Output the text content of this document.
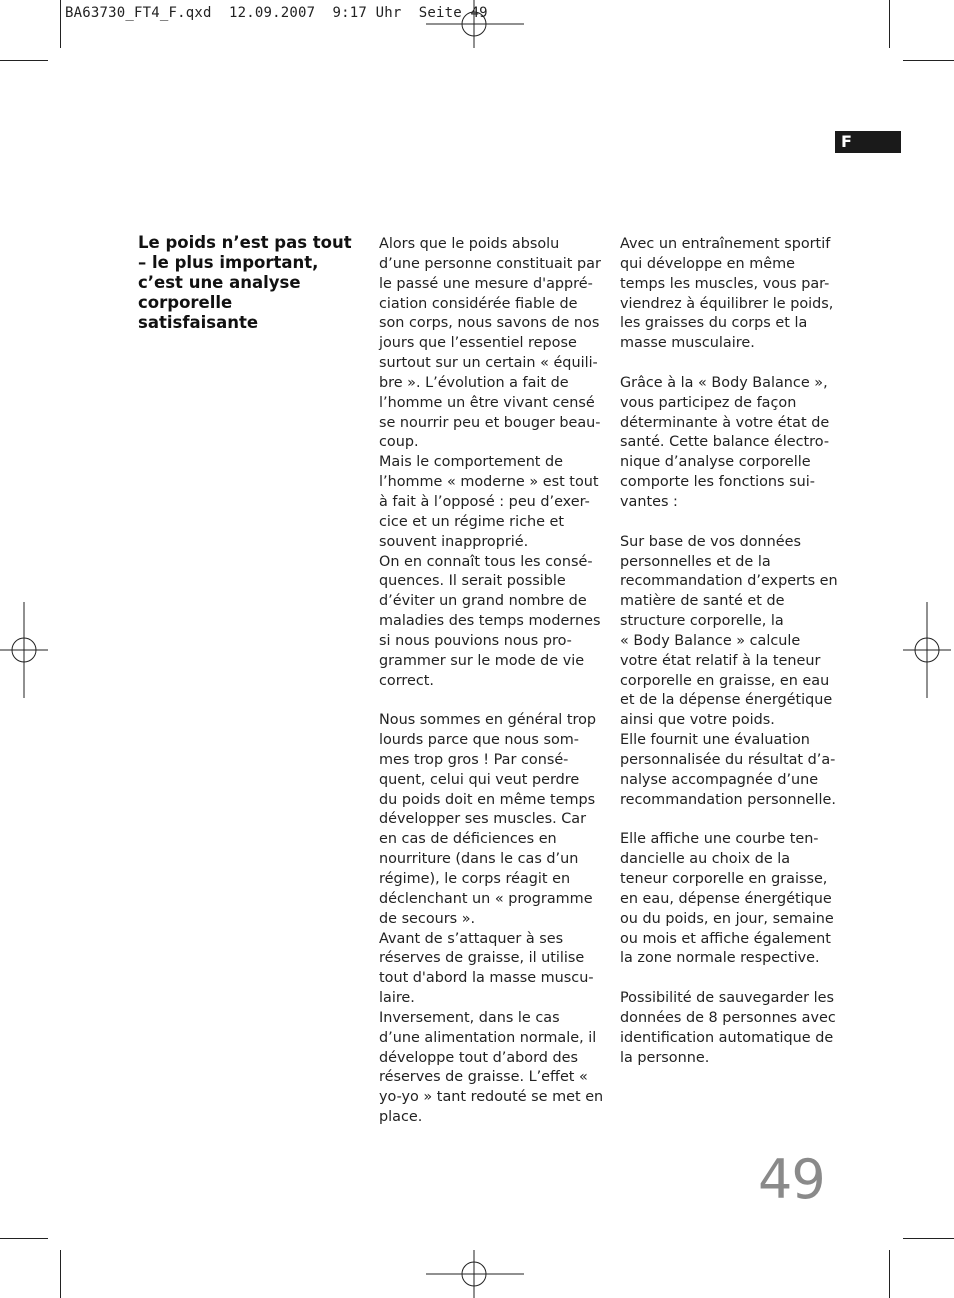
BA63730_FT4_F.qxd  12.09.2007  9:17 Uhr  Seite 49
F
Le poids n’est pas tout – le plus important, c’est une analyse corporelle satisfaisante

Alors que le poids absolu

d’une personne constituait par

le passé une mesure d'appré-

ciation considérée fiable de

son corps, nous savons de nos

jours que l’essentiel repose

surtout sur un certain « équili-

bre ». L’évolution a fait de

l’homme un être vivant censé

se nourrir peu et bouger beau-

coup.

Mais le comportement de

l’homme « moderne » est tout

à fait à l’opposé : peu d’exer-

cice et un régime riche et

souvent inapproprié.

On en connaît tous les consé-

quences. Il serait possible

d’éviter un grand nombre de

maladies des temps modernes

si nous pouvions nous pro-

grammer sur le mode de vie

correct.

Nous sommes en général trop

lourds parce que nous som-

mes trop gros ! Par consé-

quent, celui qui veut perdre

du poids doit en même temps

développer ses muscles. Car

en cas de déficiences en

nourriture (dans le cas d’un

régime), le corps réagit en

déclenchant un « programme

de secours ».

Avant de s’attaquer à ses

réserves de graisse, il utilise

tout d'abord la masse muscu-

laire.

Inversement, dans le cas

d’une alimentation normale, il

développe tout d’abord des

réserves de graisse. L’effet «

yo-yo » tant redouté se met en

place.

Avec un entraînement sportif

qui développe en même

temps les muscles, vous par-

viendrez à équilibrer le poids,

les graisses du corps et la

masse musculaire.

Grâce à la « Body Balance »,

vous participez de façon

déterminante à votre état de

santé. Cette balance électro-

nique d’analyse corporelle

comporte les fonctions sui-

vantes :

Sur base de vos données

personnelles et de la

recommandation d’experts en

matière de santé et de

structure corporelle, la

« Body Balance » calcule

votre état relatif à la teneur

corporelle en graisse, en eau

et de la dépense énergétique

ainsi que votre poids.

Elle fournit une évaluation

personnalisée du résultat d’a-

nalyse accompagnée d’une

recommandation personnelle.

Elle affiche une courbe ten-

dancielle au choix de la

teneur corporelle en graisse,

en eau, dépense énergétique

ou du poids, en jour, semaine

ou mois et affiche également

la zone normale respective.

Possibilité de sauvegarder les

données de 8 personnes avec

identification automatique de

la personne.

49
